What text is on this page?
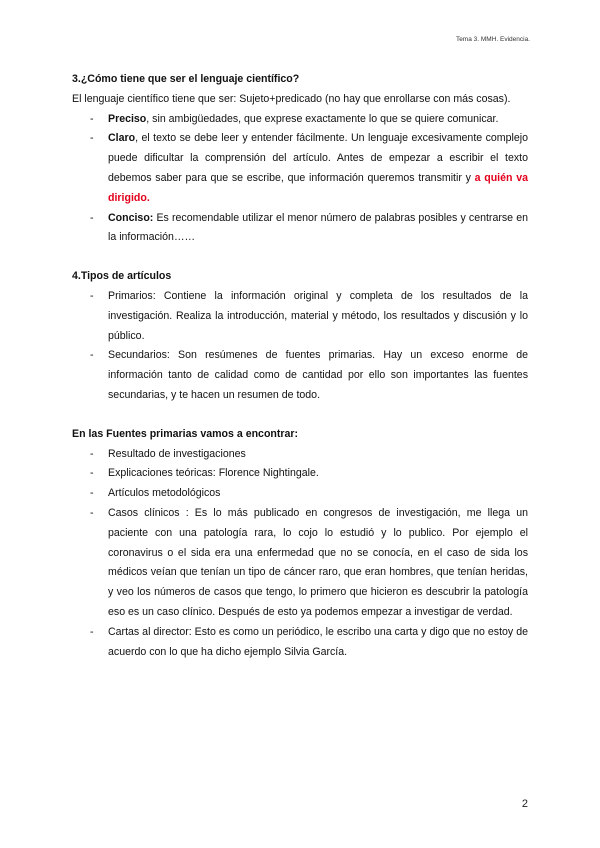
Tema 3. MMH. Evidencia.

3.¿Cómo tiene que ser el lenguaje científico?

El lenguaje científico tiene que ser: Sujeto+predicado (no hay que enrollarse con más cosas).

- Preciso, sin ambigüedades, que exprese exactamente lo que se quiere comunicar.
- Claro, el texto se debe leer y entender fácilmente. Un lenguaje excesivamente complejo puede dificultar la comprensión del artículo. Antes de empezar a escribir el texto debemos saber para que se escribe, que información queremos transmitir y a quién va dirigido.
- Conciso: Es recomendable utilizar el menor número de palabras posibles y centrarse en la información……

4.Tipos de artículos

- Primarios: Contiene la información original y completa de los resultados de la investigación. Realiza la introducción, material y método, los resultados y discusión y lo público.
- Secundarios: Son resúmenes de fuentes primarias. Hay un exceso enorme de información tanto de calidad como de cantidad por ello son importantes las fuentes secundarias, y te hacen un resumen de todo.

En las Fuentes primarias vamos a encontrar:

- Resultado de investigaciones
- Explicaciones teóricas: Florence Nightingale.
- Artículos metodológicos
- Casos clínicos : Es lo más publicado en congresos de investigación, me llega un paciente con una patología rara, lo cojo lo estudió y lo publico. Por ejemplo el coronavirus o el sida era una enfermedad que no se conocía, en el caso de sida los médicos veían que tenían un tipo de cáncer raro, que eran hombres, que tenían heridas, y veo los números de casos que tengo, lo primero que hicieron es descubrir la patología eso es un caso clínico. Después de esto ya podemos empezar a investigar de verdad.
- Cartas al director: Esto es como un periódico, le escribo una carta y digo que no estoy de acuerdo con lo que ha dicho ejemplo Silvia García.
2
